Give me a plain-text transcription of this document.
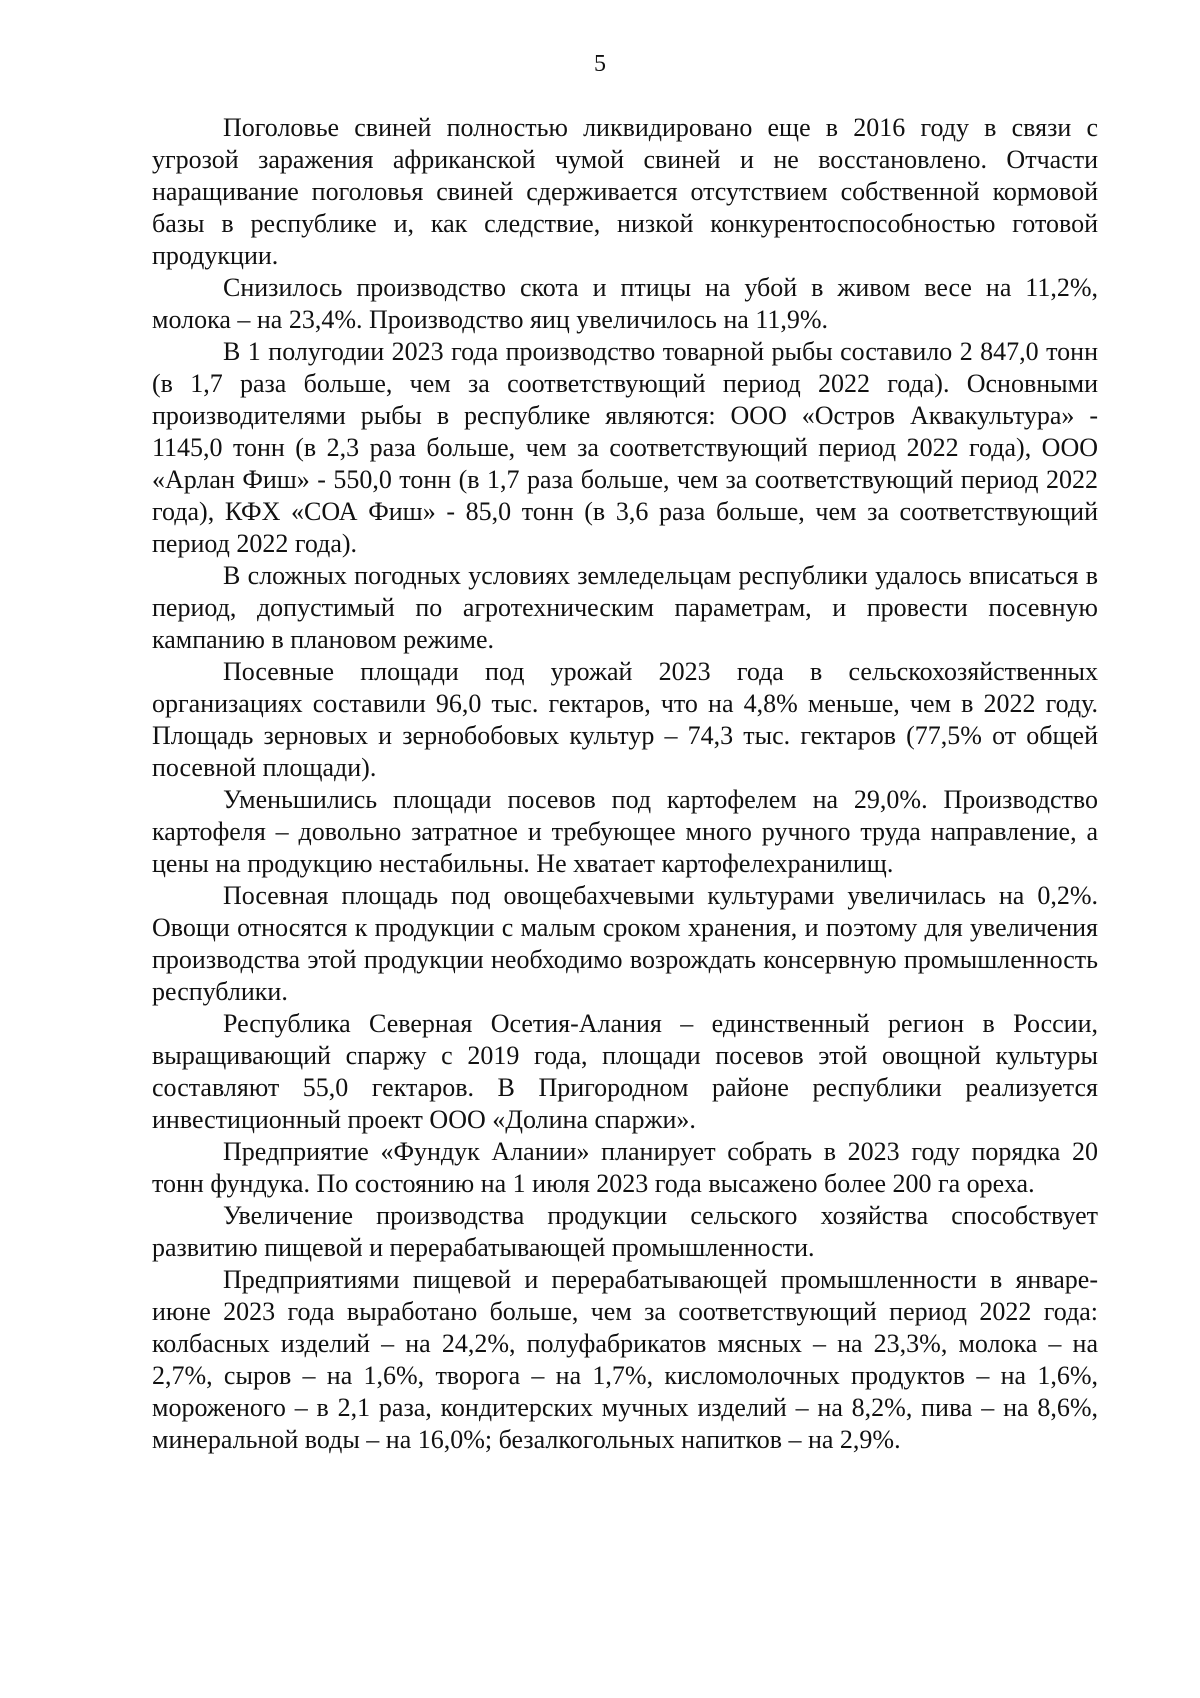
5

Поголовье свиней полностью ликвидировано еще в 2016 году в связи с угрозой заражения африканской чумой свиней и не восстановлено. Отчасти наращивание поголовья свиней сдерживается отсутствием собственной кормовой базы в республике и, как следствие, низкой конкурентоспособностью готовой продукции.

Снизилось производство скота и птицы на убой в живом весе на 11,2%, молока – на 23,4%. Производство яиц увеличилось на 11,9%.

В 1 полугодии 2023 года производство товарной рыбы составило 2 847,0 тонн (в 1,7 раза больше, чем за соответствующий период 2022 года). Основными производителями рыбы в республике являются: ООО «Остров Аквакультура» - 1145,0 тонн (в 2,3 раза больше, чем за соответствующий период 2022 года), ООО «Арлан Фиш» - 550,0 тонн (в 1,7 раза больше, чем за соответствующий период 2022 года), КФХ «СОА Фиш» - 85,0 тонн (в 3,6 раза больше, чем за соответствующий период 2022 года).

В сложных погодных условиях земледельцам республики удалось вписаться в период, допустимый по агротехническим параметрам, и провести посевную кампанию в плановом режиме.

Посевные площади под урожай 2023 года в сельскохозяйственных организациях составили 96,0 тыс. гектаров, что на 4,8% меньше, чем в 2022 году. Площадь зерновых и зернобобовых культур – 74,3 тыс. гектаров (77,5% от общей посевной площади).

Уменьшились площади посевов под картофелем на 29,0%. Производство картофеля – довольно затратное и требующее много ручного труда направление, а цены на продукцию нестабильны. Не хватает картофелехранилищ.

Посевная площадь под овощебахчевыми культурами увеличилась на 0,2%. Овощи относятся к продукции с малым сроком хранения, и поэтому для увеличения производства этой продукции необходимо возрождать консервную промышленность республики.

Республика Северная Осетия-Алания – единственный регион в России, выращивающий спаржу с 2019 года, площади посевов этой овощной культуры составляют 55,0 гектаров. В Пригородном районе республики реализуется инвестиционный проект ООО «Долина спаржи».

Предприятие «Фундук Алании» планирует собрать в 2023 году порядка 20 тонн фундука. По состоянию на 1 июля 2023 года высажено более 200 га ореха.

Увеличение производства продукции сельского хозяйства способствует развитию пищевой и перерабатывающей промышленности.

Предприятиями пищевой и перерабатывающей промышленности в январе-июне 2023 года выработано больше, чем за соответствующий период 2022 года: колбасных изделий – на 24,2%, полуфабрикатов мясных – на 23,3%, молока – на 2,7%, сыров – на 1,6%, творога – на 1,7%, кисломолочных продуктов – на 1,6%, мороженого – в 2,1 раза, кондитерских мучных изделий – на 8,2%, пива – на 8,6%, минеральной воды – на 16,0%; безалкогольных напитков – на 2,9%.
